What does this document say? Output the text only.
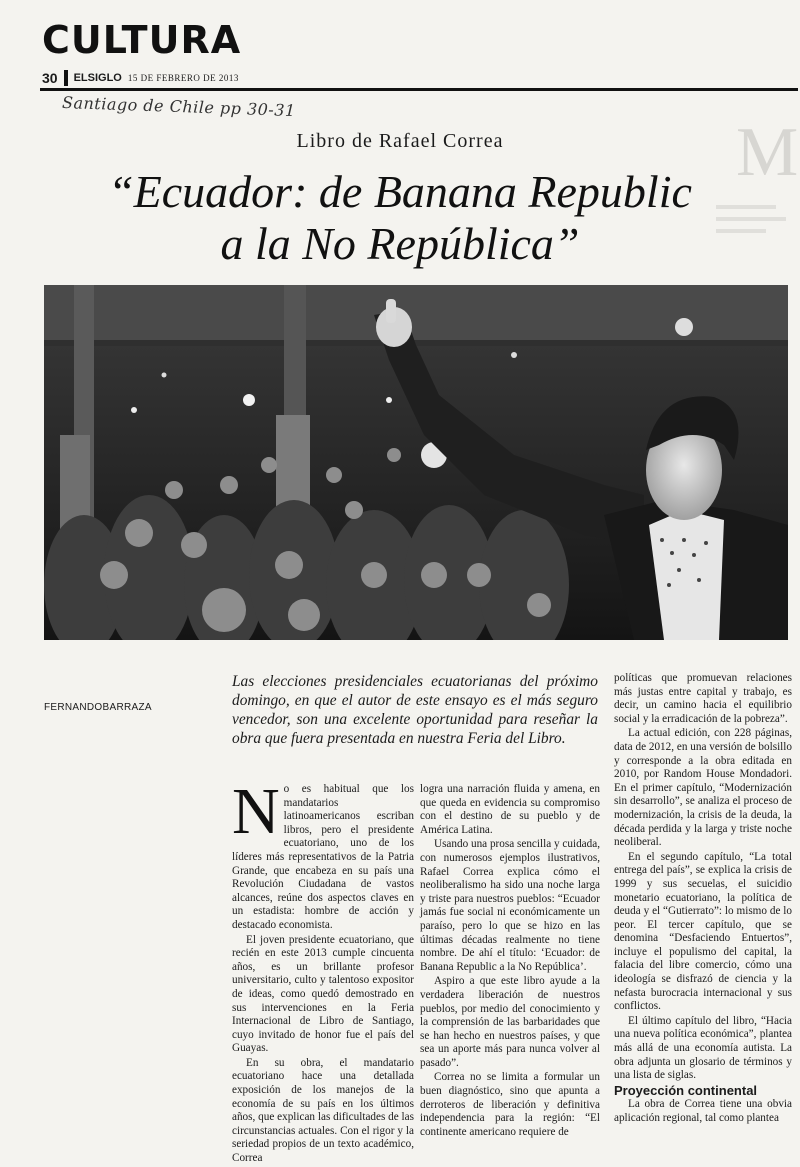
CULTURA
30 ELSIGLO 15 DE FEBRERO DE 2013
Santiago de Chile pp 30-31
M
Libro de Rafael Correa
“Ecuador: de Banana Republic
a la No República”
FERNANDOBARRAZA
Las elecciones presidenciales ecuatorianas del próximo domingo, en que el autor de este ensayo es el más seguro vencedor, son una excelente oportunidad para reseñar la obra que fuera presentada en nuestra Feria del Libro.

No es habitual que los mandatarios latinoamericanos escriban libros, pero el presidente ecuatoriano, uno de los líderes más representativos de la Patria Grande, que encabeza en su país una Revolución Ciudadana de vastos alcances, reúne dos aspectos claves en un estadista: hombre de acción y destacado economista.

El joven presidente ecuatoriano, que recién en este 2013 cumple cincuenta años, es un brillante profesor universitario, culto y talentoso expositor de ideas, como quedó demostrado en sus intervenciones en la Feria Internacional de Libro de Santiago, cuyo invitado de honor fue el país del Guayas.

En su obra, el mandatario ecuatoriano hace una detallada exposición de los manejos de la economía de su país en los últimos años, que explican las dificultades de las circunstancias actuales. Con el rigor y la seriedad propios de un texto académico, Correa

logra una narración fluida y amena, en que queda en evidencia su compromiso con el destino de su pueblo y de América Latina.

Usando una prosa sencilla y cuidada, con numerosos ejemplos ilustrativos, Rafael Correa explica cómo el neoliberalismo ha sido una noche larga y triste para nuestros pueblos: “Ecuador jamás fue social ni económicamente un paraíso, pero lo que se hizo en las últimas décadas realmente no tiene nombre. De ahí el título: ‘Ecuador: de Banana Republic a la No República’.

Aspiro a que este libro ayude a la verdadera liberación de nuestros pueblos, por medio del conocimiento y la comprensión de las barbaridades que se han hecho en nuestros países, y que sea un aporte más para nunca volver al pasado”.

Correa no se limita a formular un buen diagnóstico, sino que apunta a derroteros de liberación y definitiva independencia para la región: “El continente americano requiere de

políticas que promuevan relaciones más justas entre capital y trabajo, es decir, un camino hacia el equilibrio social y la erradicación de la pobreza”.

La actual edición, con 228 páginas, data de 2012, en una versión de bolsillo y corresponde a la obra editada en 2010, por Random House Mondadori. En el primer capítulo, “Modernización sin desarrollo”, se analiza el proceso de modernización, la crisis de la deuda, la década perdida y la larga y triste noche neoliberal.

En el segundo capítulo, “La total entrega del país”, se explica la crisis de 1999 y sus secuelas, el suicidio monetario ecuatoriano, la política de deuda y el “Gutierrato”: lo mismo de lo peor. El tercer capítulo, que se denomina “Desfaciendo Entuertos”, incluye el populismo del capital, la falacia del libre comercio, cómo una ideología se disfrazó de ciencia y la nefasta burocracia internacional y sus conflictos.

El último capítulo del libro, “Hacia una nueva política económica”, plantea más allá de una economía autista. La obra adjunta un glosario de términos y una lista de siglas.

Proyección continental

La obra de Correa tiene una obvia aplicación regional, tal como plantea
